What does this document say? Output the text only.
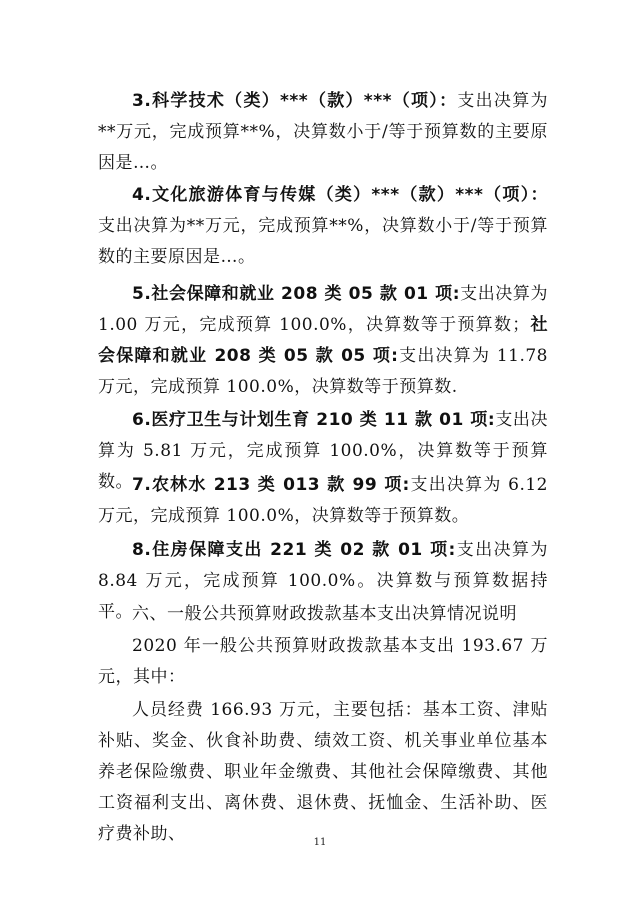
3.科学技术（类）***（款）***（项）：支出决算为**万元，完成预算**%，决算数小于/等于预算数的主要原因是…。

4.文化旅游体育与传媒（类）***（款）***（项）：支出决算为**万元，完成预算**%，决算数小于/等于预算数的主要原因是…。

5.社会保障和就业 208 类 05 款 01 项:支出决算为 1.00 万元，完成预算 100.0%，决算数等于预算数；社会保障和就业 208 类 05 款 05 项:支出决算为 11.78 万元，完成预算 100.0%，决算数等于预算数.

6.医疗卫生与计划生育 210 类 11 款 01 项:支出决算为 5.81 万元，完成预算 100.0%，决算数等于预算数。 7.农林水 213 类 013 款 99 项:支出决算为 6.12 万元，完成预算 100.0%，决算数等于预算数。

8.住房保障支出 221 类 02 款 01 项:支出决算为 8.84 万元，完成预算 100.0%。决算数与预算数据持平。 六、一般公共预算财政拨款基本支出决算情况说明

2020 年一般公共预算财政拨款基本支出 193.67 万元，其中：

人员经费 166.93 万元，主要包括：基本工资、津贴补贴、奖金、伙食补助费、绩效工资、机关事业单位基本养老保险缴费、职业年金缴费、其他社会保障缴费、其他工资福利支出、离休费、退休费、抚恤金、生活补助、医疗费补助、	11
